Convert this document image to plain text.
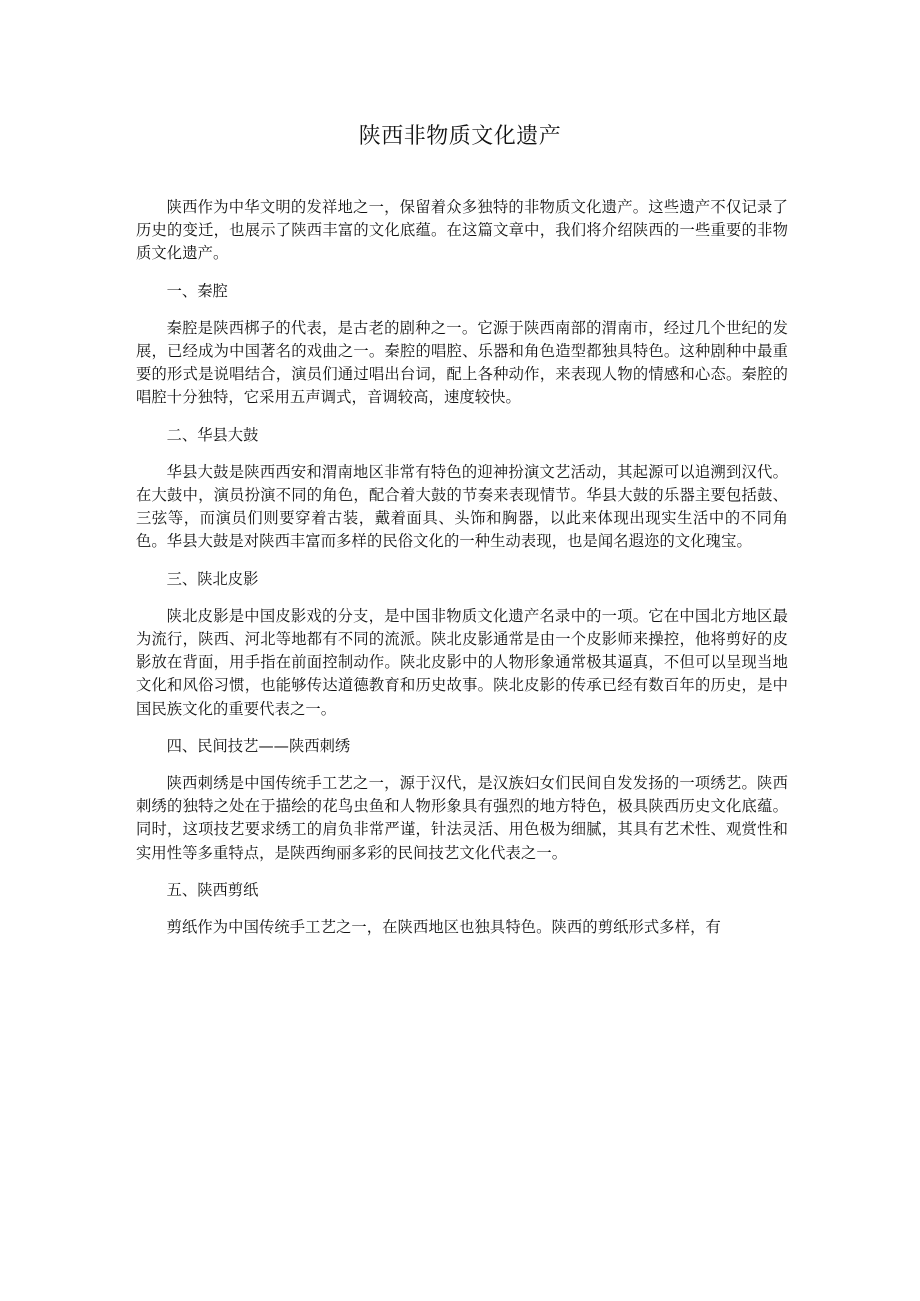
陕西非物质文化遗产

陕西作为中华文明的发祥地之一，保留着众多独特的非物质文化遗产。这些遗产不仅记录了历史的变迁，也展示了陕西丰富的文化底蕴。在这篇文章中，我们将介绍陕西的一些重要的非物质文化遗产。

一、秦腔

秦腔是陕西梆子的代表，是古老的剧种之一。它源于陕西南部的渭南市，经过几个世纪的发展，已经成为中国著名的戏曲之一。秦腔的唱腔、乐器和角色造型都独具特色。这种剧种中最重要的形式是说唱结合，演员们通过唱出台词，配上各种动作，来表现人物的情感和心态。秦腔的唱腔十分独特，它采用五声调式，音调较高，速度较快。

二、华县大鼓

华县大鼓是陕西西安和渭南地区非常有特色的迎神扮演文艺活动，其起源可以追溯到汉代。在大鼓中，演员扮演不同的角色，配合着大鼓的节奏来表现情节。华县大鼓的乐器主要包括鼓、三弦等，而演员们则要穿着古装，戴着面具、头饰和胸器，以此来体现出现实生活中的不同角色。华县大鼓是对陕西丰富而多样的民俗文化的一种生动表现，也是闻名遐迩的文化瑰宝。

三、陕北皮影

陕北皮影是中国皮影戏的分支，是中国非物质文化遗产名录中的一项。它在中国北方地区最为流行，陕西、河北等地都有不同的流派。陕北皮影通常是由一个皮影师来操控，他将剪好的皮影放在背面，用手指在前面控制动作。陕北皮影中的人物形象通常极其逼真，不但可以呈现当地文化和风俗习惯，也能够传达道德教育和历史故事。陕北皮影的传承已经有数百年的历史，是中国民族文化的重要代表之一。

四、民间技艺——陕西刺绣

陕西刺绣是中国传统手工艺之一，源于汉代，是汉族妇女们民间自发发扬的一项绣艺。陕西刺绣的独特之处在于描绘的花鸟虫鱼和人物形象具有强烈的地方特色，极具陕西历史文化底蕴。同时，这项技艺要求绣工的肩负非常严谨，针法灵活、用色极为细腻，其具有艺术性、观赏性和实用性等多重特点，是陕西绚丽多彩的民间技艺文化代表之一。

五、陕西剪纸

剪纸作为中国传统手工艺之一，在陕西地区也独具特色。陕西的剪纸形式多样，有
